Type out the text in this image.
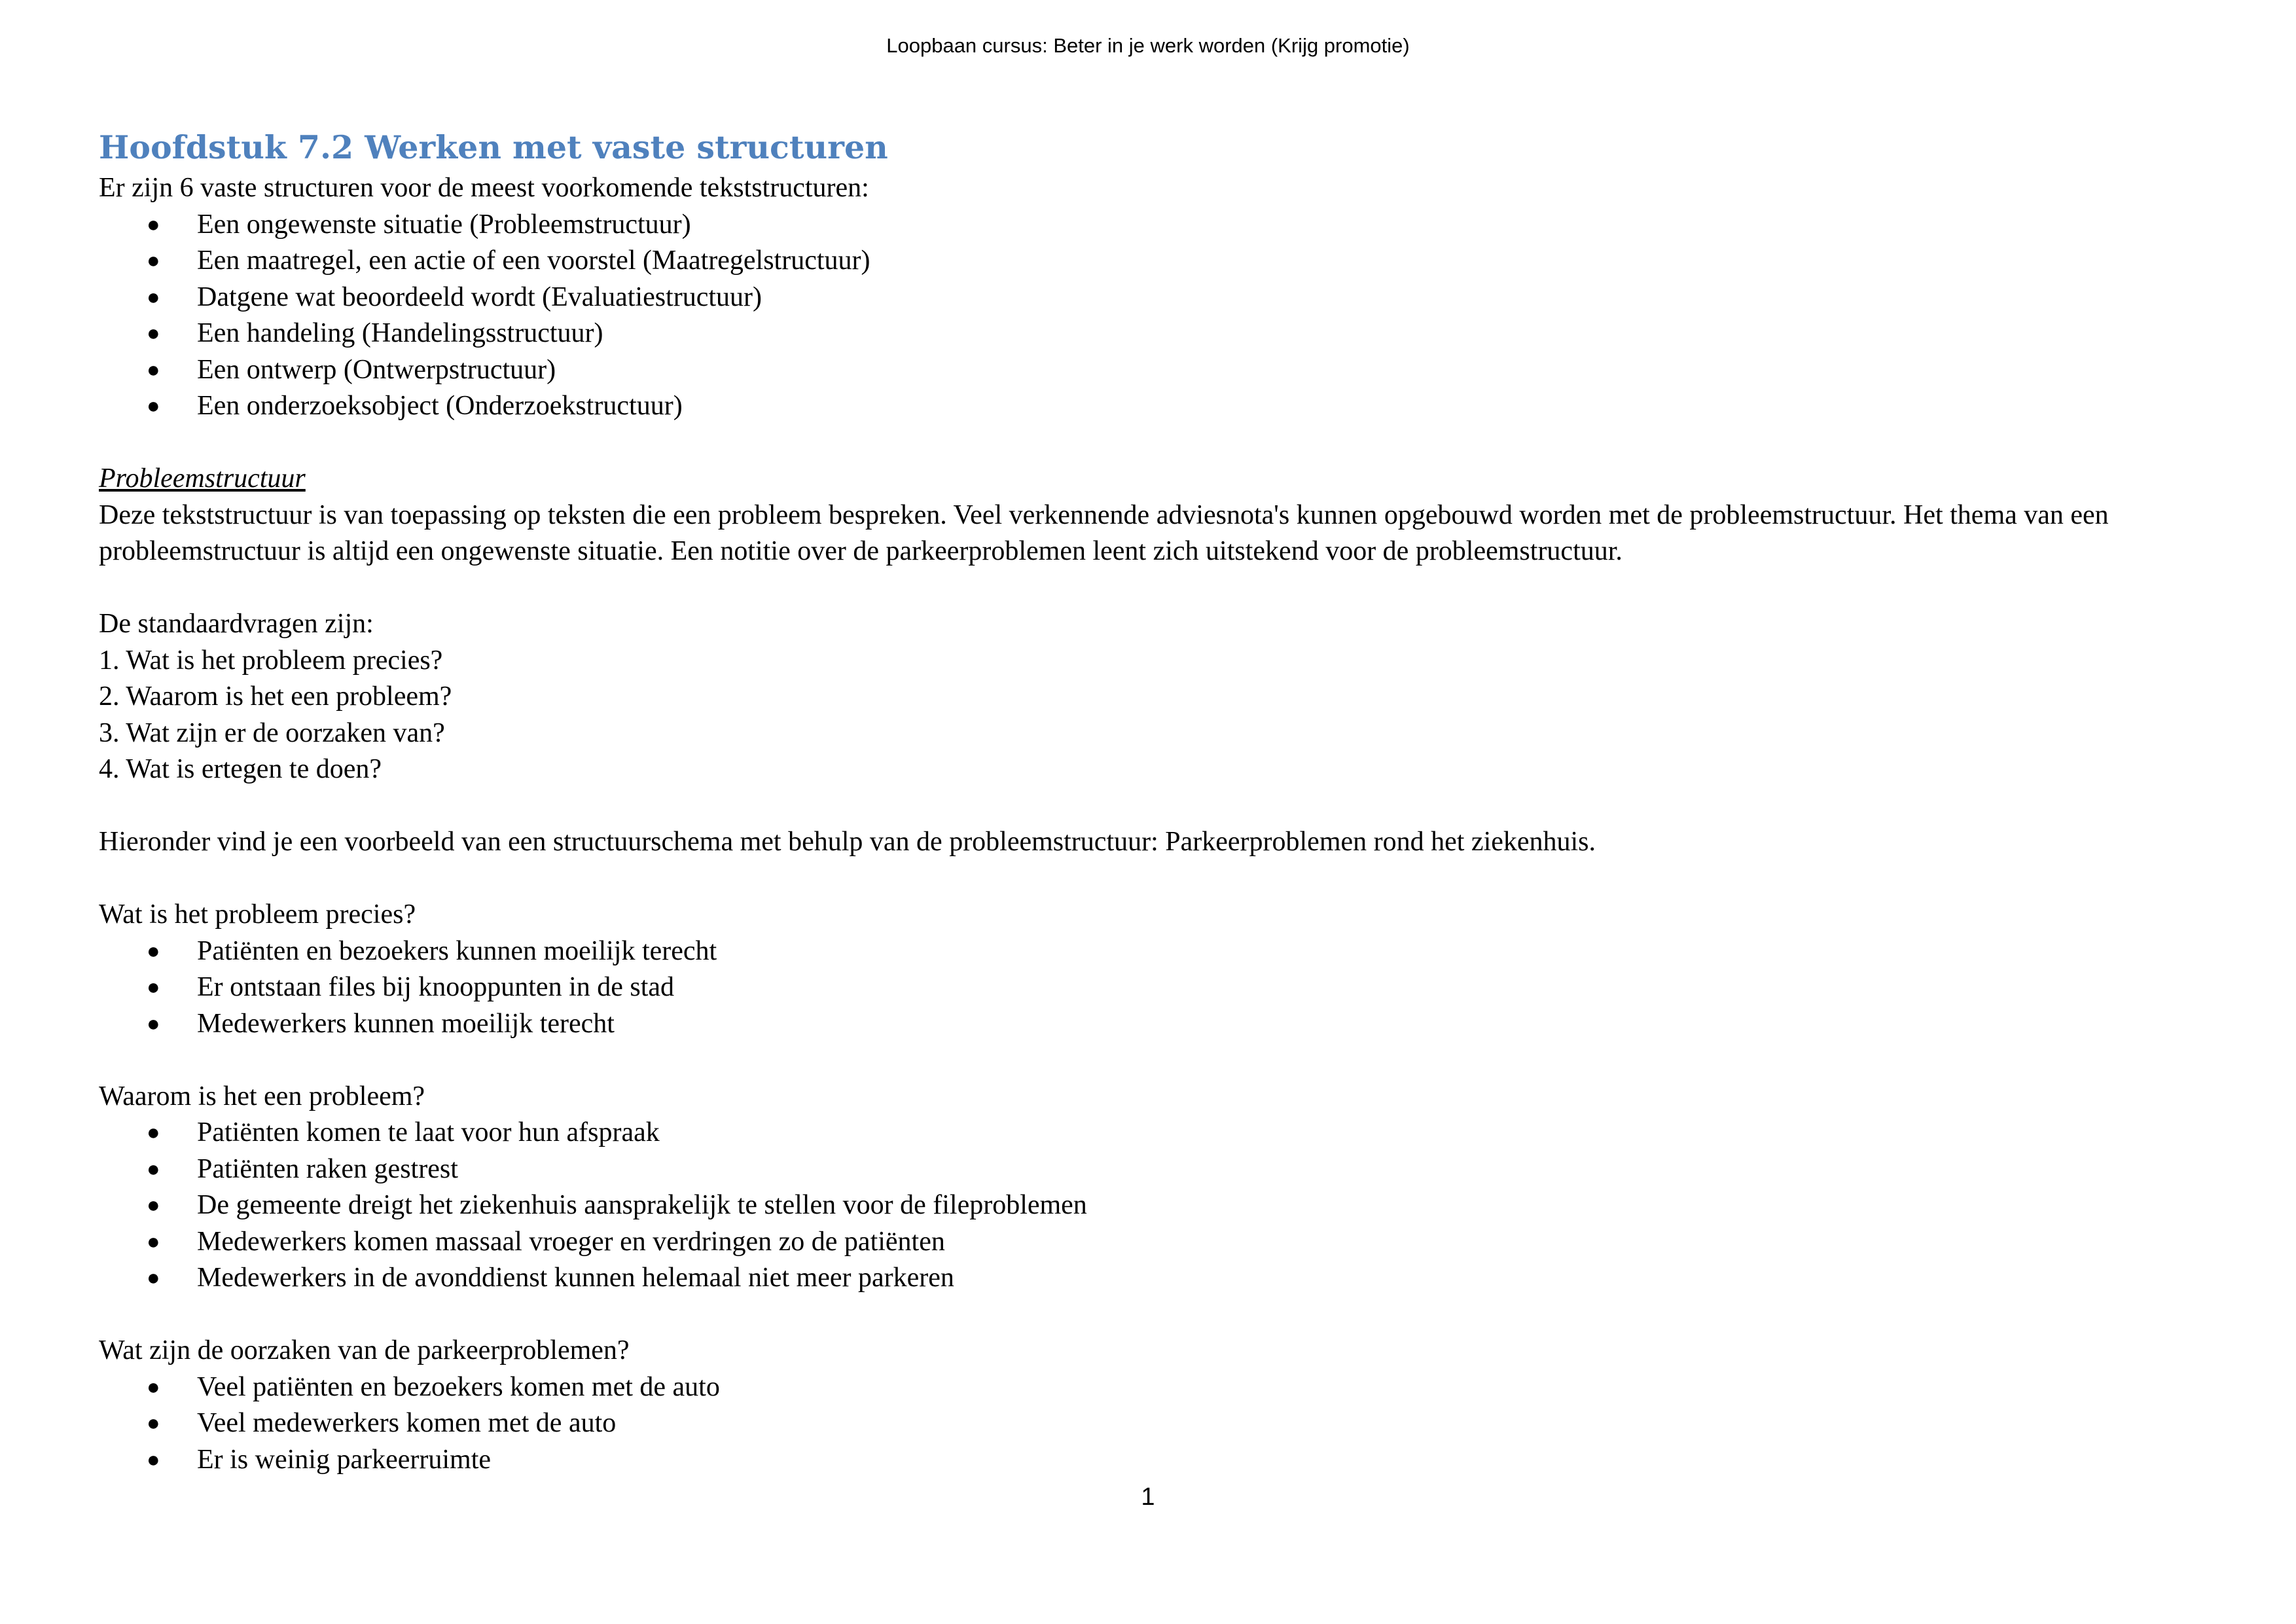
Loopbaan cursus: Beter in je werk worden (Krijg promotie)
Hoofdstuk 7.2 Werken met vaste structuren

Er zijn 6 vaste structuren voor de meest voorkomende tekststructuren:

● Een ongewenste situatie (Probleemstructuur)
● Een maatregel, een actie of een voorstel (Maatregelstructuur)
● Datgene wat beoordeeld wordt (Evaluatiestructuur)
● Een handeling (Handelingsstructuur)
● Een ontwerp (Ontwerpstructuur)
● Een onderzoeksobject (Onderzoekstructuur)

Probleemstructuur

Deze tekststructuur is van toepassing op teksten die een probleem bespreken. Veel verkennende adviesnota's kunnen opgebouwd worden met de probleemstructuur. Het thema van een probleemstructuur is altijd een ongewenste situatie. Een notitie over de parkeerproblemen leent zich uitstekend voor de probleemstructuur.

De standaardvragen zijn:

1. Wat is het probleem precies?

2. Waarom is het een probleem?

3. Wat zijn er de oorzaken van?

4. Wat is ertegen te doen?

Hieronder vind je een voorbeeld van een structuurschema met behulp van de probleemstructuur: Parkeerproblemen rond het ziekenhuis.

Wat is het probleem precies?

● Patiënten en bezoekers kunnen moeilijk terecht
● Er ontstaan files bij knooppunten in de stad
● Medewerkers kunnen moeilijk terecht

Waarom is het een probleem?

● Patiënten komen te laat voor hun afspraak
● Patiënten raken gestrest
● De gemeente dreigt het ziekenhuis aansprakelijk te stellen voor de fileproblemen
● Medewerkers komen massaal vroeger en verdringen zo de patiënten
● Medewerkers in de avonddienst kunnen helemaal niet meer parkeren

Wat zijn de oorzaken van de parkeerproblemen?

● Veel patiënten en bezoekers komen met de auto
● Veel medewerkers komen met de auto
● Er is weinig parkeerruimte
1
